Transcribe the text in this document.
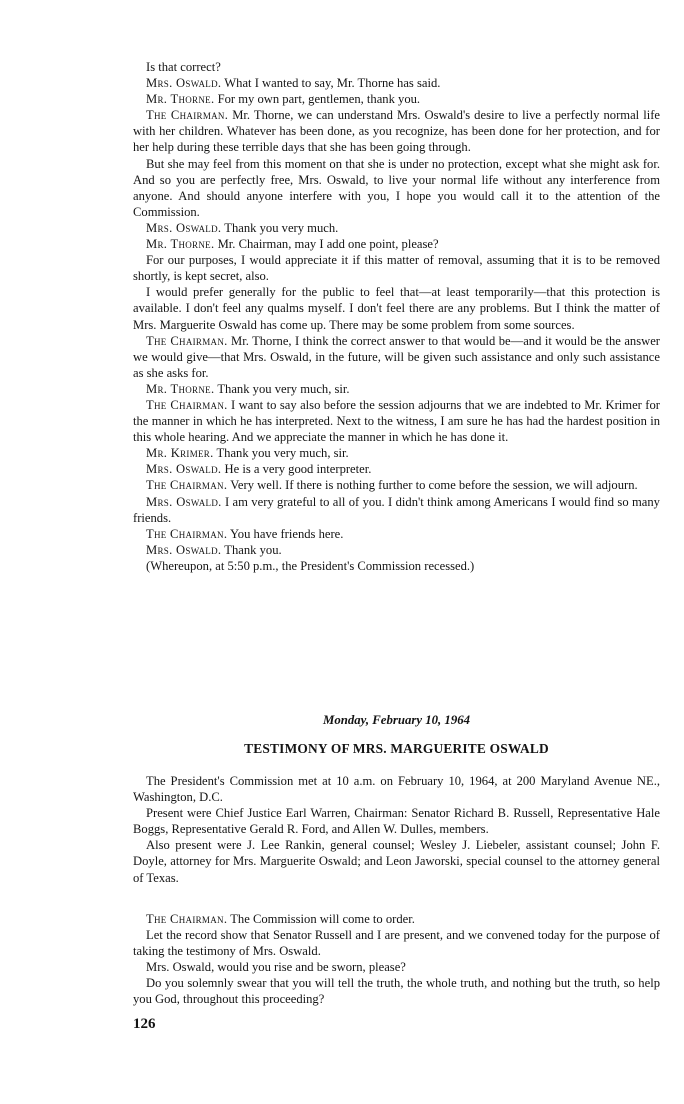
Is that correct?

Mrs. Oswald. What I wanted to say, Mr. Thorne has said.

Mr. Thorne. For my own part, gentlemen, thank you.

The Chairman. Mr. Thorne, we can understand Mrs. Oswald's desire to live a perfectly normal life with her children. Whatever has been done, as you recognize, has been done for her protection, and for her help during these terrible days that she has been going through.

But she may feel from this moment on that she is under no protection, except what she might ask for. And so you are perfectly free, Mrs. Oswald, to live your normal life without any interference from anyone. And should anyone interfere with you, I hope you would call it to the attention of the Commission.

Mrs. Oswald. Thank you very much.

Mr. Thorne. Mr. Chairman, may I add one point, please?

For our purposes, I would appreciate it if this matter of removal, assuming that it is to be removed shortly, is kept secret, also.

I would prefer generally for the public to feel that—at least temporarily—that this protection is available. I don't feel any qualms myself. I don't feel there are any problems. But I think the matter of Mrs. Marguerite Oswald has come up. There may be some problem from some sources.

The Chairman. Mr. Thorne, I think the correct answer to that would be—and it would be the answer we would give—that Mrs. Oswald, in the future, will be given such assistance and only such assistance as she asks for.

Mr. Thorne. Thank you very much, sir.

The Chairman. I want to say also before the session adjourns that we are indebted to Mr. Krimer for the manner in which he has interpreted. Next to the witness, I am sure he has had the hardest position in this whole hearing. And we appreciate the manner in which he has done it.

Mr. Krimer. Thank you very much, sir.

Mrs. Oswald. He is a very good interpreter.

The Chairman. Very well. If there is nothing further to come before the session, we will adjourn.

Mrs. Oswald. I am very grateful to all of you. I didn't think among Americans I would find so many friends.

The Chairman. You have friends here.

Mrs. Oswald. Thank you.

(Whereupon, at 5:50 p.m., the President's Commission recessed.)

Monday, February 10, 1964
TESTIMONY OF MRS. MARGUERITE OSWALD

The President's Commission met at 10 a.m. on February 10, 1964, at 200 Maryland Avenue NE., Washington, D.C.

Present were Chief Justice Earl Warren, Chairman: Senator Richard B. Russell, Representative Hale Boggs, Representative Gerald R. Ford, and Allen W. Dulles, members.

Also present were J. Lee Rankin, general counsel; Wesley J. Liebeler, assistant counsel; John F. Doyle, attorney for Mrs. Marguerite Oswald; and Leon Jaworski, special counsel to the attorney general of Texas.

The Chairman. The Commission will come to order.

Let the record show that Senator Russell and I are present, and we convened today for the purpose of taking the testimony of Mrs. Oswald.

Mrs. Oswald, would you rise and be sworn, please?

Do you solemnly swear that you will tell the truth, the whole truth, and nothing but the truth, so help you God, throughout this proceeding?

126
